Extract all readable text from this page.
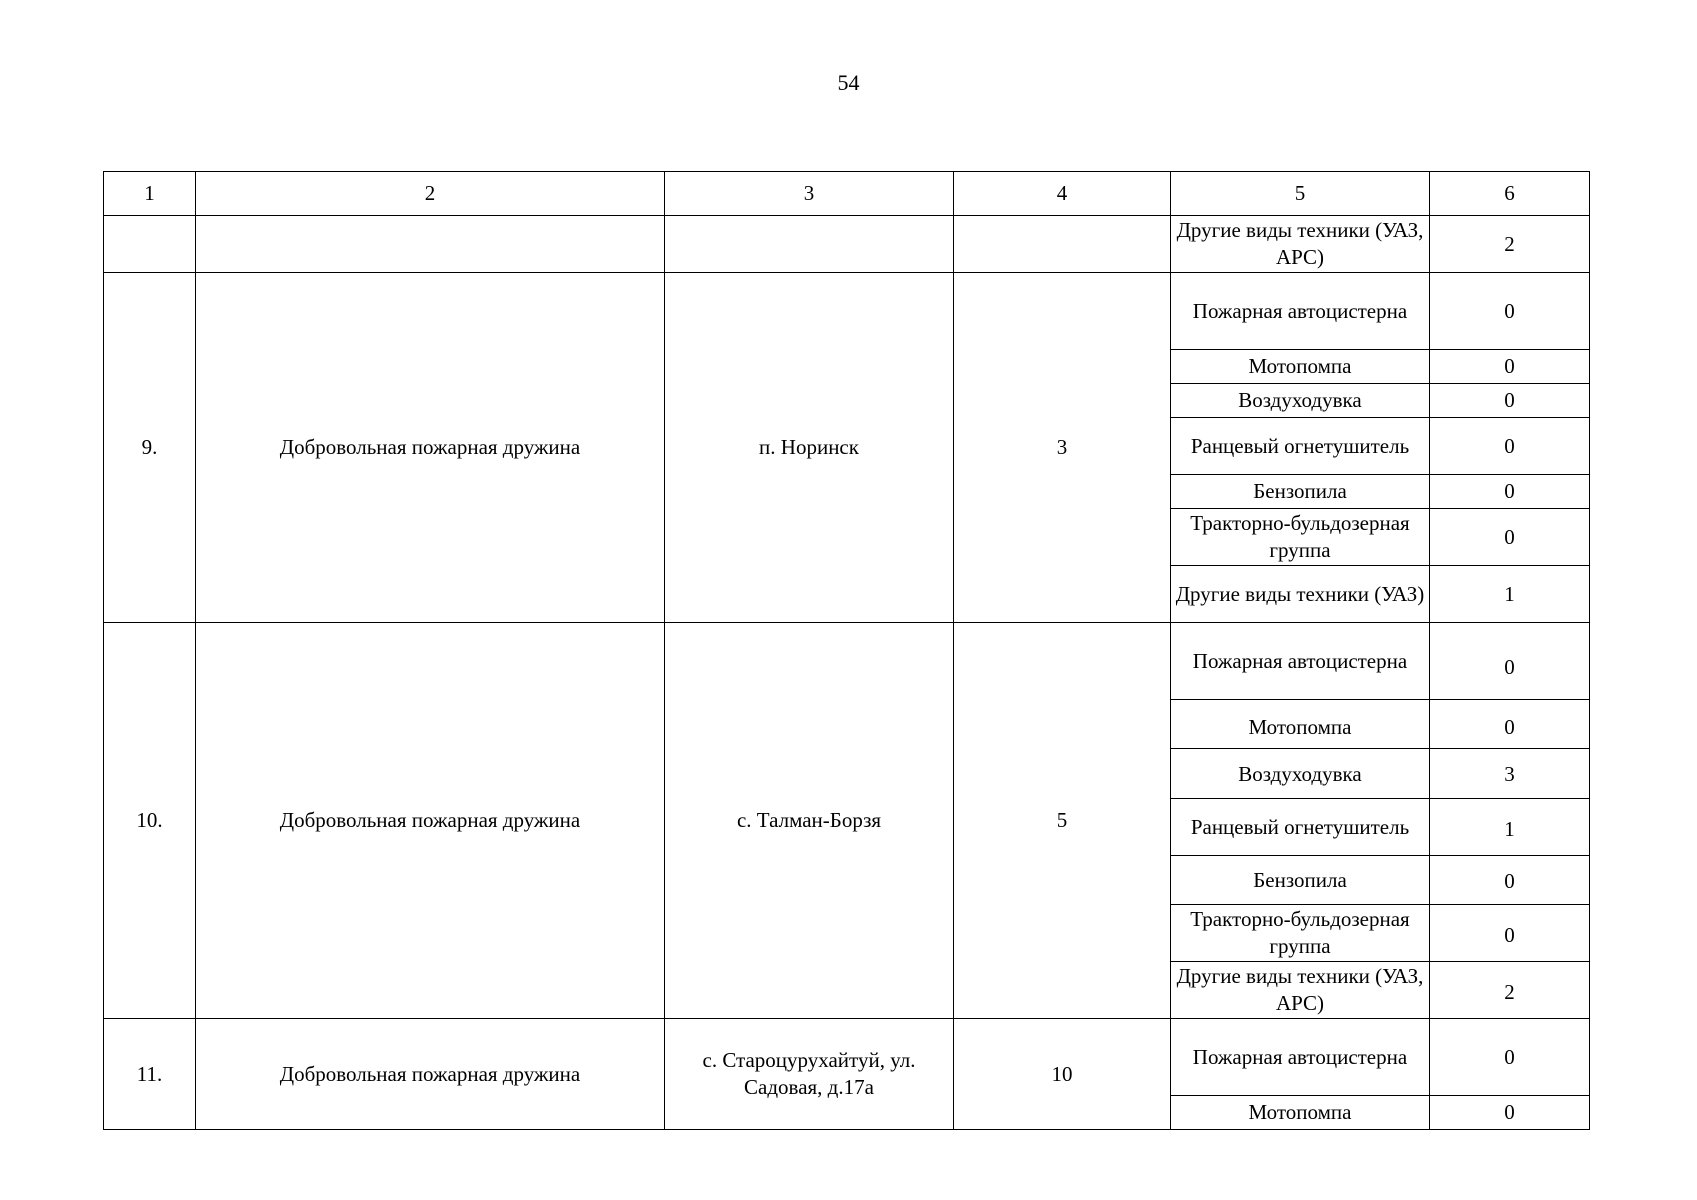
54
1	2	3	4	5	6
				Другие виды техники (УАЗ, АРС)	2
9.	Добровольная пожарная дружина	п. Норинск	3	Пожарная автоцистерна	0
				Мотопомпа	0
				Воздуходувка	0
				Ранцевый огнетушитель	0
				Бензопила	0
				Тракторно-бульдозерная группа	0
				Другие виды техники (УАЗ)	1
10.	Добровольная пожарная дружина	с. Талман-Борзя	5	Пожарная автоцистерна	0
				Мотопомпа	0
				Воздуходувка	3
				Ранцевый огнетушитель	1
				Бензопила	0
				Тракторно-бульдозерная группа	0
				Другие виды техники (УАЗ, АРС)	2
11.	Добровольная пожарная дружина	с. Староцурухайтуй, ул. Садовая, д.17а	10	Пожарная автоцистерна	0
				Мотопомпа	0
